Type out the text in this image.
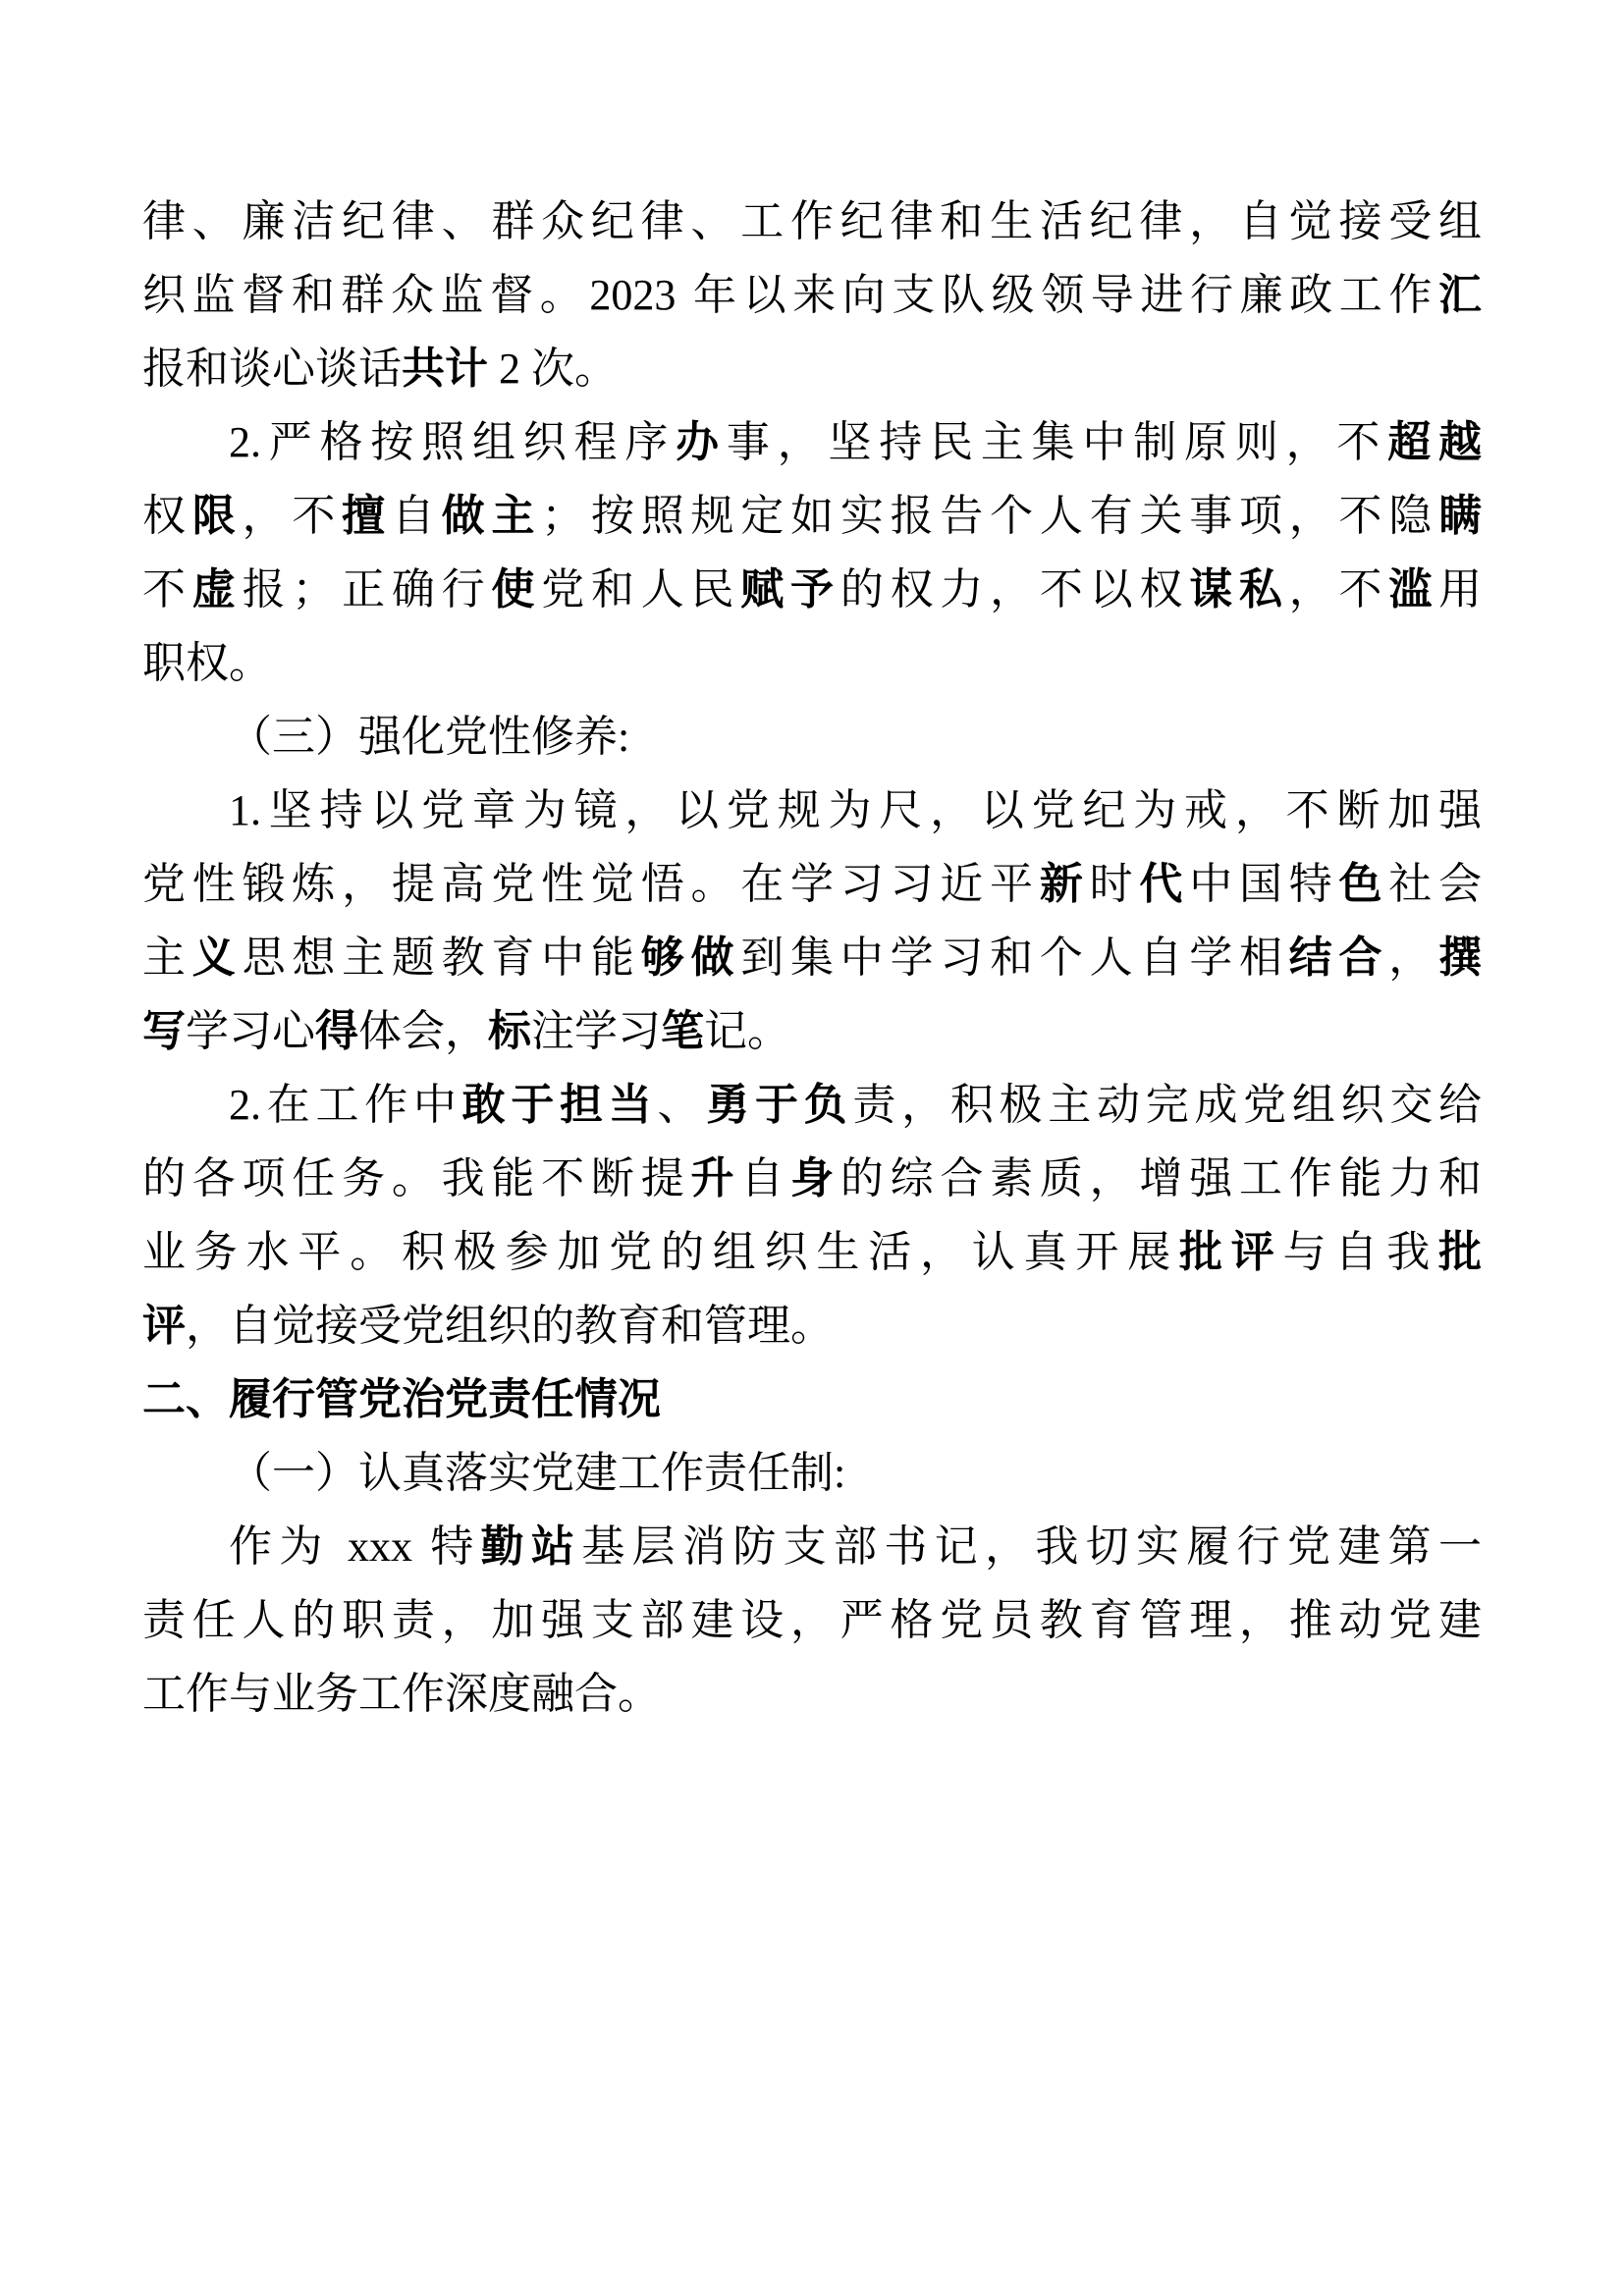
律、廉洁纪律、群众纪律、工作纪律和生活纪律，自觉接受组
织监督和群众监督。2023 年以来向支队级领导进行廉政工作汇
报和谈心谈话共计 2 次。
2.严格按照组织程序办事，坚持民主集中制原则，不超越
权限，不擅自做主；按照规定如实报告个人有关事项，不隐瞒
不虚报；正确行使党和人民赋予的权力，不以权谋私，不滥用
职权。
（三）强化党性修养:
1.坚持以党章为镜，以党规为尺，以党纪为戒，不断加强
党性锻炼，提高党性觉悟。在学习习近平新时代中国特色社会
主义思想主题教育中能够做到集中学习和个人自学相结合，撰
写学习心得体会，标注学习笔记。
2.在工作中敢于担当、勇于负责，积极主动完成党组织交给
的各项任务。我能不断提升自身的综合素质，增强工作能力和
业务水平。积极参加党的组织生活，认真开展批评与自我批
评，自觉接受党组织的教育和管理。
二、履行管党治党责任情况
（一）认真落实党建工作责任制:
作为 xxx 特勤站基层消防支部书记，我切实履行党建第一
责任人的职责，加强支部建设，严格党员教育管理，推动党建
工作与业务工作深度融合。
